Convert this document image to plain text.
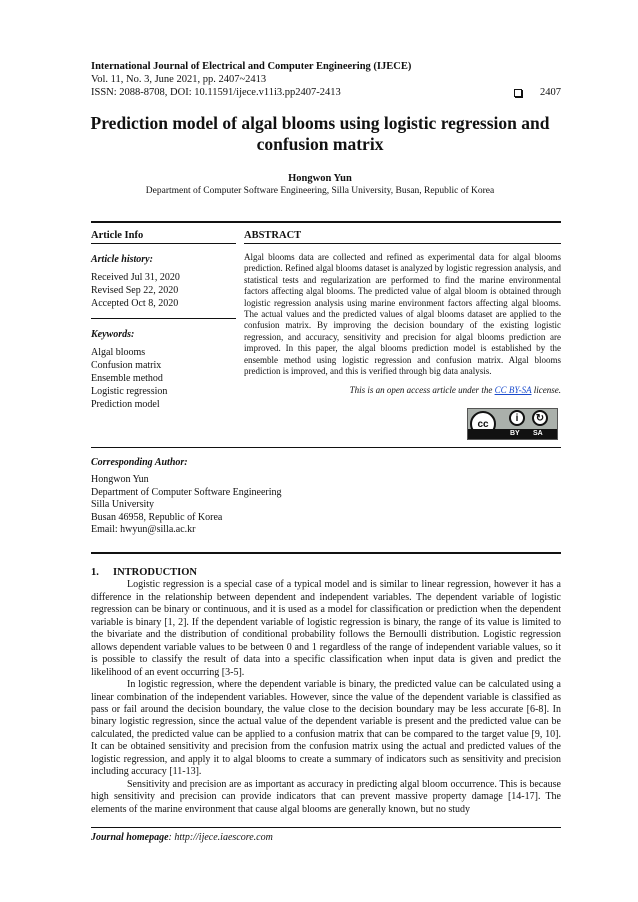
International Journal of Electrical and Computer Engineering (IJECE)
Vol. 11, No. 3, June 2021, pp. 2407~2413
ISSN: 2088-8708, DOI: 10.11591/ijece.v11i3.pp2407-2413	2407
Prediction model of algal blooms using logistic regression and confusion matrix
Hongwon Yun
Department of Computer Software Engineering, Silla University, Busan, Republic of Korea
Article Info
Article history:
Received Jul 31, 2020
Revised Sep 22, 2020
Accepted Oct 8, 2020
Keywords:
Algal blooms
Confusion matrix
Ensemble method
Logistic regression
Prediction model
ABSTRACT
Algal blooms data are collected and refined as experimental data for algal blooms prediction. Refined algal blooms dataset is analyzed by logistic regression analysis, and statistical tests and regularization are performed to find the marine environmental factors affecting algal blooms. The predicted value of algal bloom is obtained through logistic regression analysis using marine environment factors affecting algal blooms. The actual values and the predicted values of algal blooms dataset are applied to the confusion matrix. By improving the decision boundary of the existing logistic regression, and accuracy, sensitivity and precision for algal blooms prediction are improved. In this paper, the algal blooms prediction model is established by the ensemble method using logistic regression and confusion matrix. Algal blooms prediction is improved, and this is verified through big data analysis.
This is an open access article under the CC BY-SA license.
cc
i	↻
BY SA
Corresponding Author:
Hongwon Yun
Department of Computer Software Engineering
Silla University
Busan 46958, Republic of Korea
Email: hwyun@silla.ac.kr
1. INTRODUCTION

Logistic regression is a special case of a typical model and is similar to linear regression, however it has a difference in the relationship between dependent and independent variables. The dependent variable of logistic regression can be binary or continuous, and it is used as a model for classification or prediction when the dependent variable is binary [1, 2]. If the dependent variable of logistic regression is binary, the range of its value is limited to the bivariate and the distribution of conditional probability follows the Bernoulli distribution. Logistic regression allows dependent variable values to be between 0 and 1 regardless of the range of independent variable values, so it is possible to classify the result of data into a specific classification when input data is given and predict the likelihood of an event occurring [3-5].

In logistic regression, where the dependent variable is binary, the predicted value can be calculated using a linear combination of the independent variables. However, since the value of the dependent variable is classified as pass or fail around the decision boundary, the value close to the decision boundary may be less accurate [6-8]. In binary logistic regression, since the actual value of the dependent variable is present and the predicted value can be calculated, the predicted value can be applied to a confusion matrix that can be compared to the target value [9, 10]. It can be obtained sensitivity and precision from the confusion matrix using the actual and predicted values of the logistic regression, and apply it to algal blooms to create a summary of indicators such as sensitivity and precision including accuracy [11-13].

Sensitivity and precision are as important as accuracy in predicting algal bloom occurrence. This is because high sensitivity and precision can provide indicators that can prevent massive property damage [14-17]. The elements of the marine environment that cause algal blooms are generally known, but no study

Journal homepage: http://ijece.iaescore.com
